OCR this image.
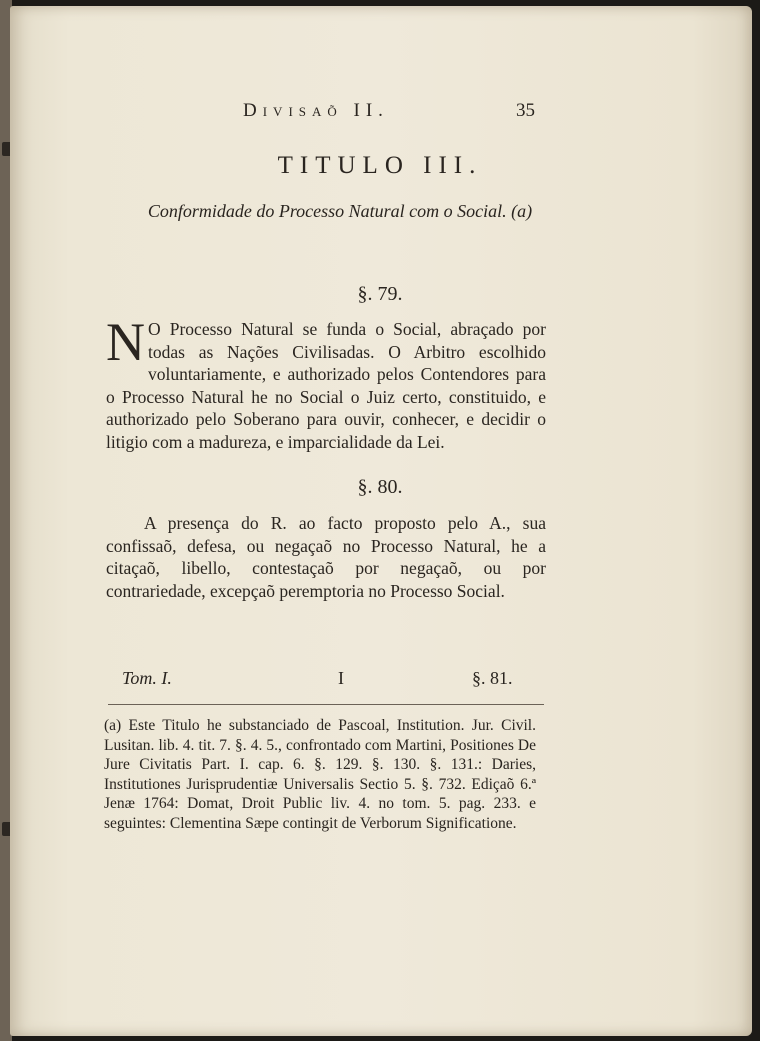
Divisaõ II.	35
TITULO III.
Conformidade do Processo Natural com o Social. (a)
§. 79.

N O Processo Natural se funda o Social, abraçado por todas as Nações Civilisadas. O Arbitro escolhido voluntariamente, e authorizado pelos Contendores para o Processo Natural he no Social o Juiz certo, constituido, e authorizado pelo Soberano para ouvir, conhecer, e decidir o litigio com a madureza, e imparcialidade da Lei.

§. 80.

A presença do R. ao facto proposto pelo A., sua confissaõ, defesa, ou negaçaõ no Processo Natural, he a citaçaõ, libello, contestaçaõ por negaçaõ, ou por contrariedade, excepçaõ peremptoria no Processo Social.

Tom. I.	I	§. 81.
(a) Este Titulo he substanciado de Pascoal, Institution. Jur. Civil. Lusitan. lib. 4. tit. 7. §. 4. 5., confrontado com Martini, Positiones De Jure Civitatis Part. I. cap. 6. §. 129. §. 130. §. 131.: Daries, Institutiones Jurisprudentiæ Universalis Sectio 5. §. 732. Ediçaõ 6.ª Jenæ 1764: Domat, Droit Public liv. 4. no tom. 5. pag. 233. e seguintes: Clementina Sæpe contingit de Verborum Significatione.
